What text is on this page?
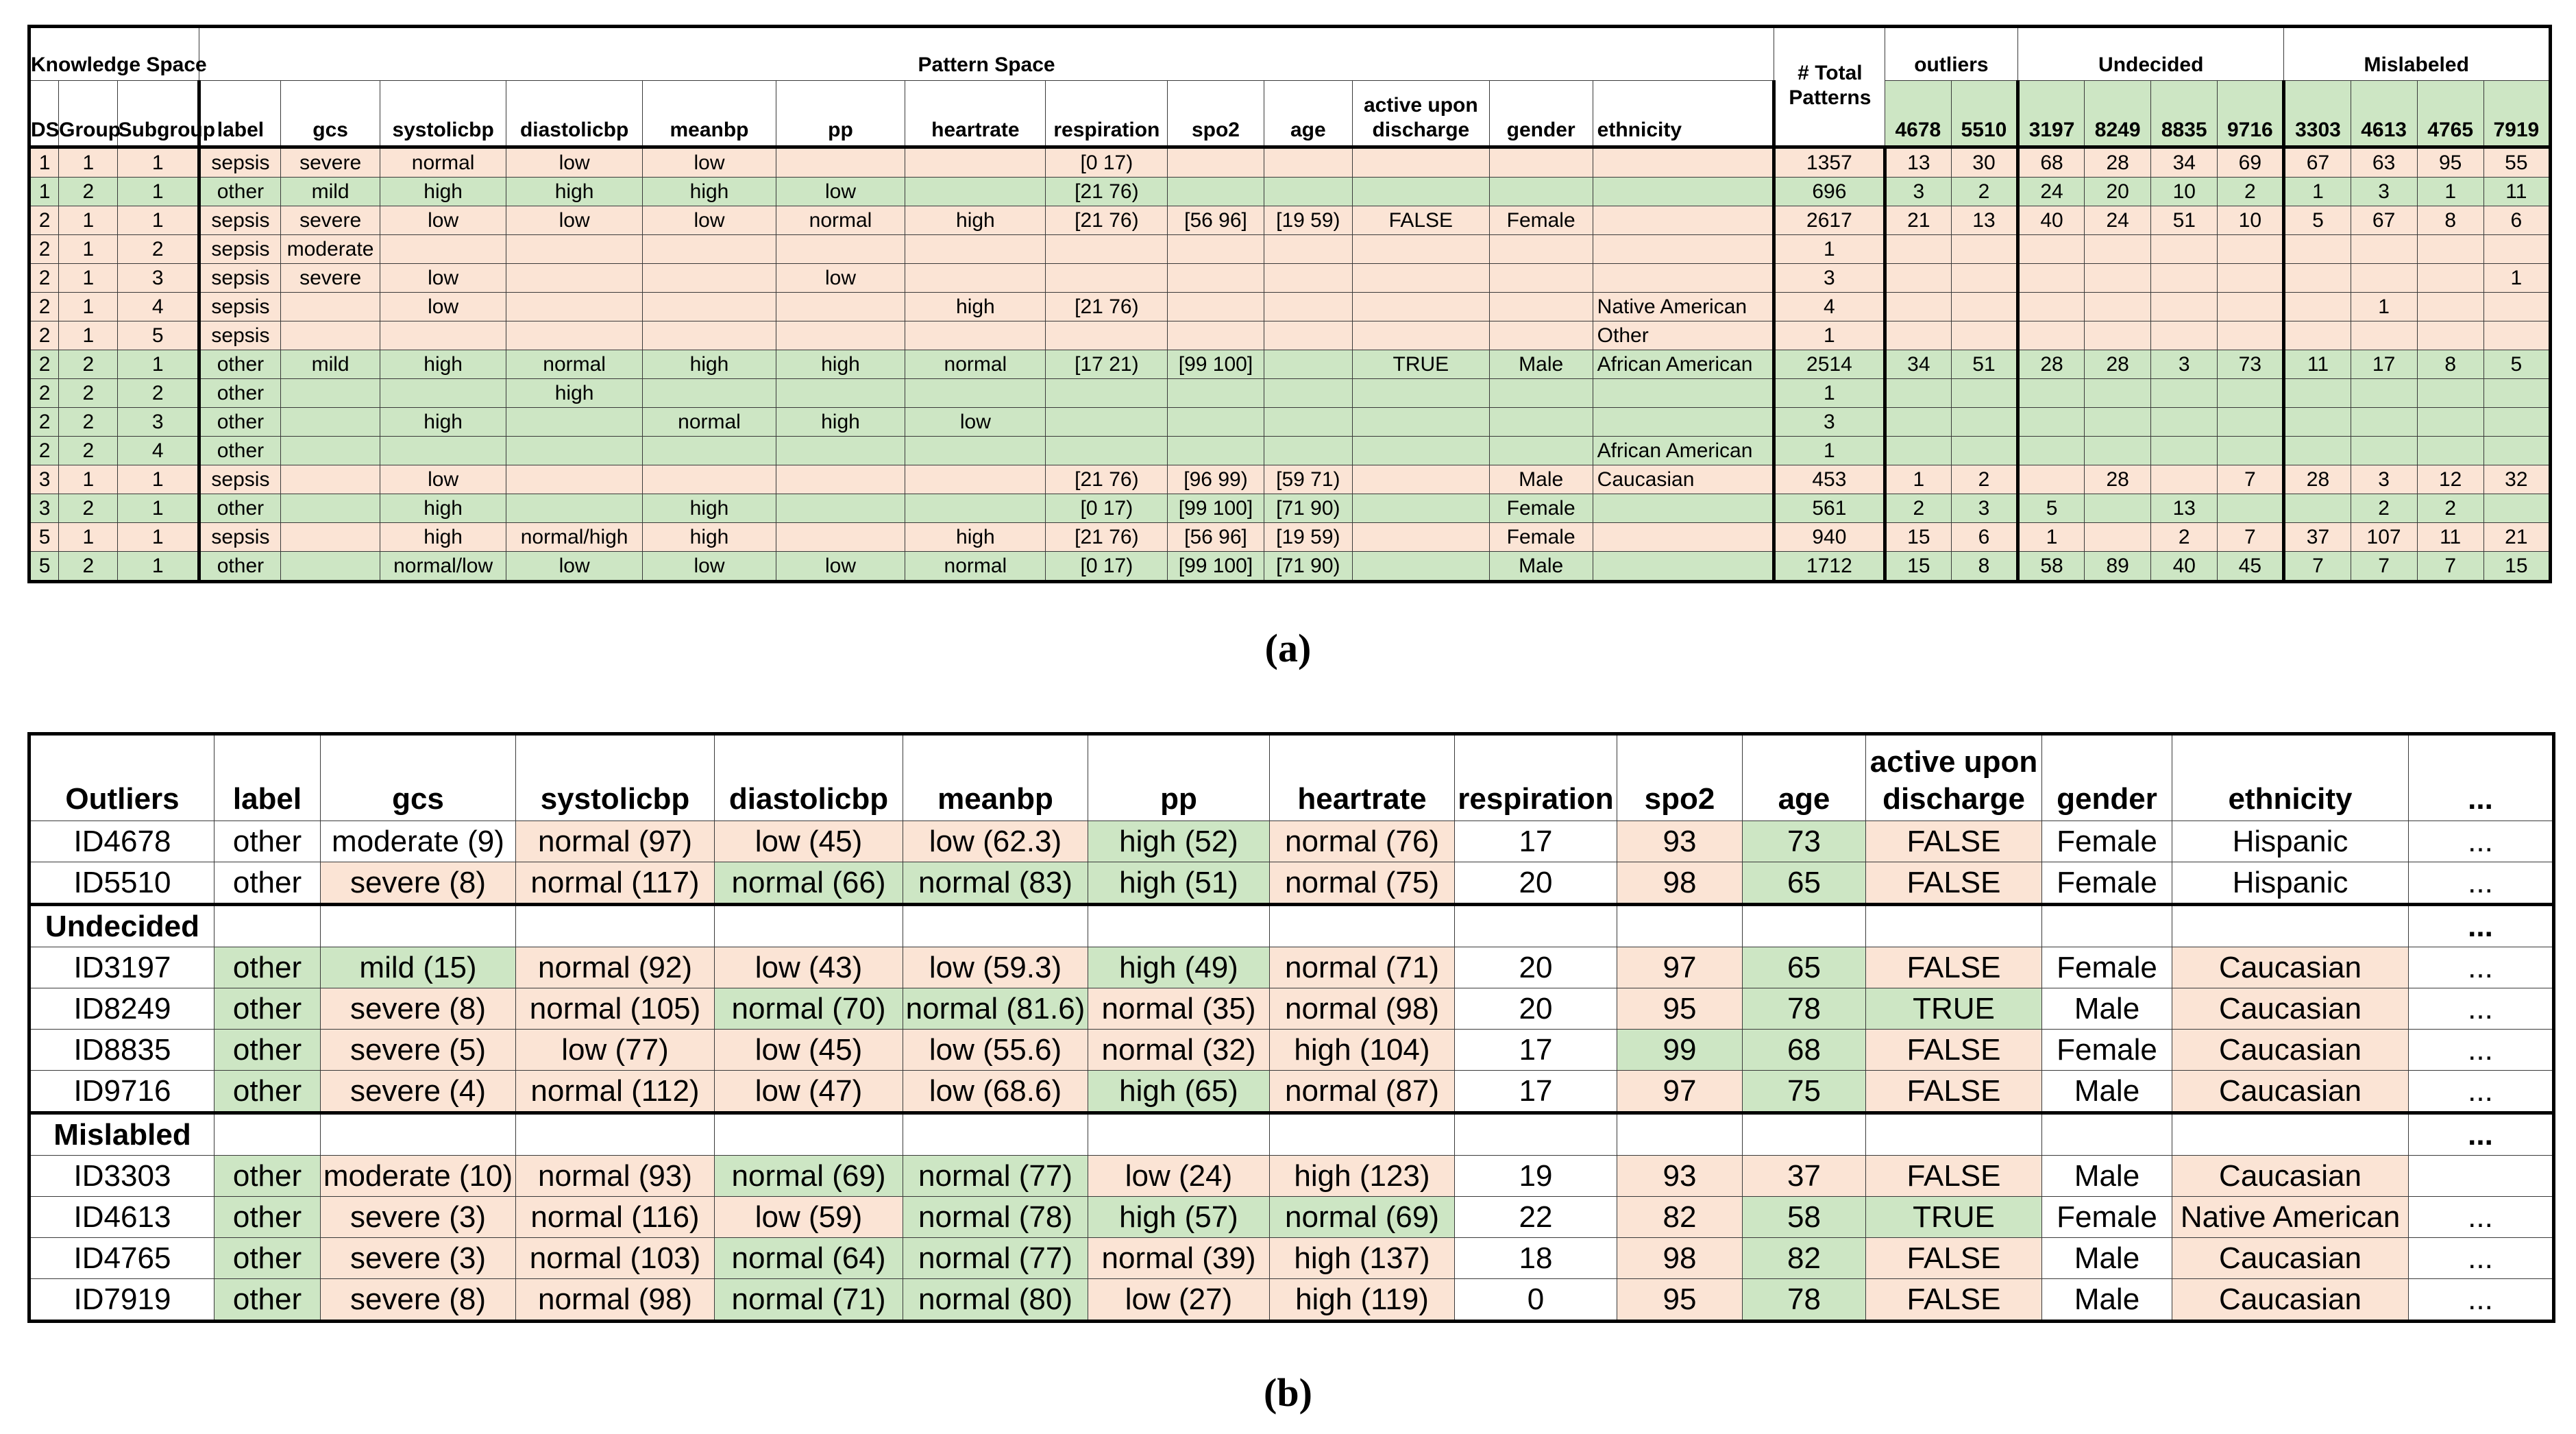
Knowledge Space			Pattern Space													# Total Patterns	outliers		Undecided				Mislabeled			
DS	Group	Subgroup	label	gcs	systolicbp	diastolicbp	meanbp	pp	heartrate	respiration	spo2	age	active upon discharge	gender	ethnicity		4678	5510	3197	8249	8835	9716	3303	4613	4765	7919
1	1	1	sepsis	severe	normal	low	low			[0 17)						1357	13	30	68	28	34	69	67	63	95	55
1	2	1	other	mild	high	high	high	low		[21 76)						696	3	2	24	20	10	2	1	3	1	11
2	1	1	sepsis	severe	low	low	low	normal	high	[21 76)	[56 96]	[19 59)	FALSE	Female		2617	21	13	40	24	51	10	5	67	8	6
2	1	2	sepsis	moderate												1										
2	1	3	sepsis	severe	low			low								3										1
2	1	4	sepsis		low				high	[21 76)					Native American	4								1		
2	1	5	sepsis												Other	1										
2	2	1	other	mild	high	normal	high	high	normal	[17 21)	[99 100]		TRUE	Male	African American	2514	34	51	28	28	3	73	11	17	8	5
2	2	2	other			high										1										
2	2	3	other		high		normal	high	low							3										
2	2	4	other												African American	1										
3	1	1	sepsis		low					[21 76)	[96 99)	[59 71)		Male	Caucasian	453	1	2		28		7	28	3	12	32
3	2	1	other		high		high			[0 17)	[99 100]	[71 90)		Female		561	2	3	5		13			2	2	
5	1	1	sepsis		high	normal/high	high		high	[21 76)	[56 96]	[19 59)		Female		940	15	6	1		2	7	37	107	11	21
5	2	1	other		normal/low	low	low	low	normal	[0 17)	[99 100]	[71 90)		Male		1712	15	8	58	89	40	45	7	7	7	15
(a)
Outliers	label	gcs	systolicbp	diastolicbp	meanbp	pp	heartrate	respiration	spo2	age	active upon discharge	gender	ethnicity	...
ID4678	other	moderate (9)	normal (97)	low (45)	low (62.3)	high (52)	normal (76)	17	93	73	FALSE	Female	Hispanic	...
ID5510	other	severe (8)	normal (117)	normal (66)	normal (83)	high (51)	normal (75)	20	98	65	FALSE	Female	Hispanic	...
Undecided														...
ID3197	other	mild (15)	normal (92)	low (43)	low (59.3)	high (49)	normal (71)	20	97	65	FALSE	Female	Caucasian	...
ID8249	other	severe (8)	normal (105)	normal (70)	normal (81.6)	normal (35)	normal (98)	20	95	78	TRUE	Male	Caucasian	...
ID8835	other	severe (5)	low (77)	low (45)	low (55.6)	normal (32)	high (104)	17	99	68	FALSE	Female	Caucasian	...
ID9716	other	severe (4)	normal (112)	low (47)	low (68.6)	high (65)	normal (87)	17	97	75	FALSE	Male	Caucasian	...
Mislabled														...
ID3303	other	moderate (10)	normal (93)	normal (69)	normal (77)	low (24)	high (123)	19	93	37	FALSE	Male	Caucasian	
ID4613	other	severe (3)	normal (116)	low (59)	normal (78)	high (57)	normal (69)	22	82	58	TRUE	Female	Native American	...
ID4765	other	severe (3)	normal (103)	normal (64)	normal (77)	normal (39)	high (137)	18	98	82	FALSE	Male	Caucasian	...
ID7919	other	severe (8)	normal (98)	normal (71)	normal (80)	low (27)	high (119)	0	95	78	FALSE	Male	Caucasian	...
(b)
